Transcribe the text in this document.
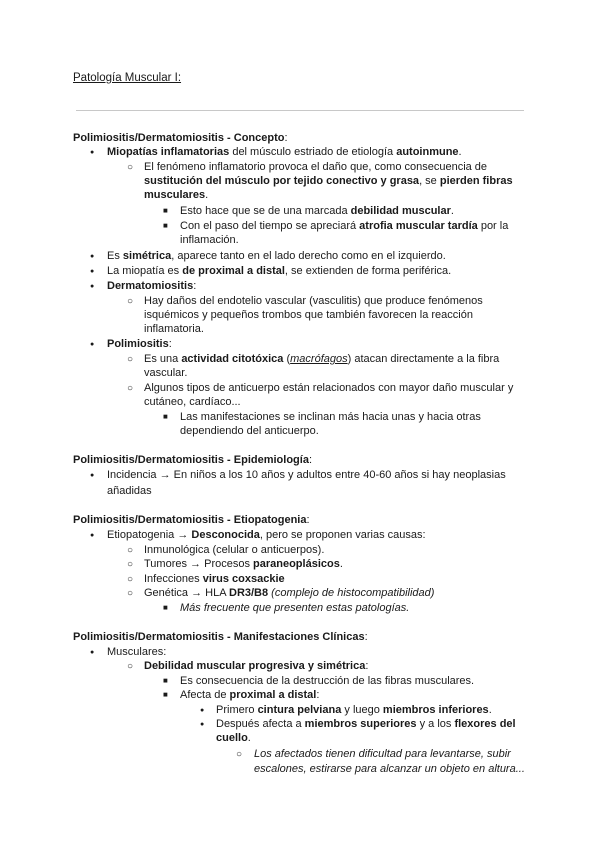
Patología Muscular I:
Polimiositis/Dermatomiositis - Concepto:
●
Miopatías inflamatorias del músculo estriado de etiología autoinmune.
○
El fenómeno inflamatorio provoca el daño que, como consecuencia de
sustitución del músculo por tejido conectivo y grasa, se pierden fibras
musculares.
■
Esto hace que se de una marcada debilidad muscular.
■
Con el paso del tiempo se apreciará atrofia muscular tardía por la
inflamación.
●
Es simétrica, aparece tanto en el lado derecho como en el izquierdo.
●
La miopatía es de proximal a distal, se extienden de forma periférica.
●
Dermatomiositis:
○
Hay daños del endotelio vascular (vasculitis) que produce fenómenos
isquémicos y pequeños trombos que también favorecen la reacción
inflamatoria.
●
Polimiositis:
○
Es una actividad citotóxica (macrófagos) atacan directamente a la fibra
vascular.
○
Algunos tipos de anticuerpo están relacionados con mayor daño muscular y
cutáneo, cardíaco...
■
Las manifestaciones se inclinan más hacia unas y hacia otras
dependiendo del anticuerpo.
Polimiositis/Dermatomiositis - Epidemiología:
●
Incidencia → En niños a los 10 años y adultos entre 40-60 años si hay neoplasias
añadidas
Polimiositis/Dermatomiositis - Etiopatogenia:
●
Etiopatogenia → Desconocida, pero se proponen varias causas:
○
Inmunológica (celular o anticuerpos).
○
Tumores → Procesos paraneoplásicos.
○
Infecciones virus coxsackie
○
Genética → HLA DR3/B8 (complejo de histocompatibilidad)
■
Más frecuente que presenten estas patologías.
Polimiositis/Dermatomiositis - Manifestaciones Clínicas:
●
Musculares:
○
Debilidad muscular progresiva y simétrica:
■
Es consecuencia de la destrucción de las fibras musculares.
■
Afecta de proximal a distal:
●
Primero cintura pelviana y luego miembros inferiores.
●
Después afecta a miembros superiores y a los flexores del
cuello.
○
Los afectados tienen dificultad para levantarse, subir
escalones, estirarse para alcanzar un objeto en altura...
